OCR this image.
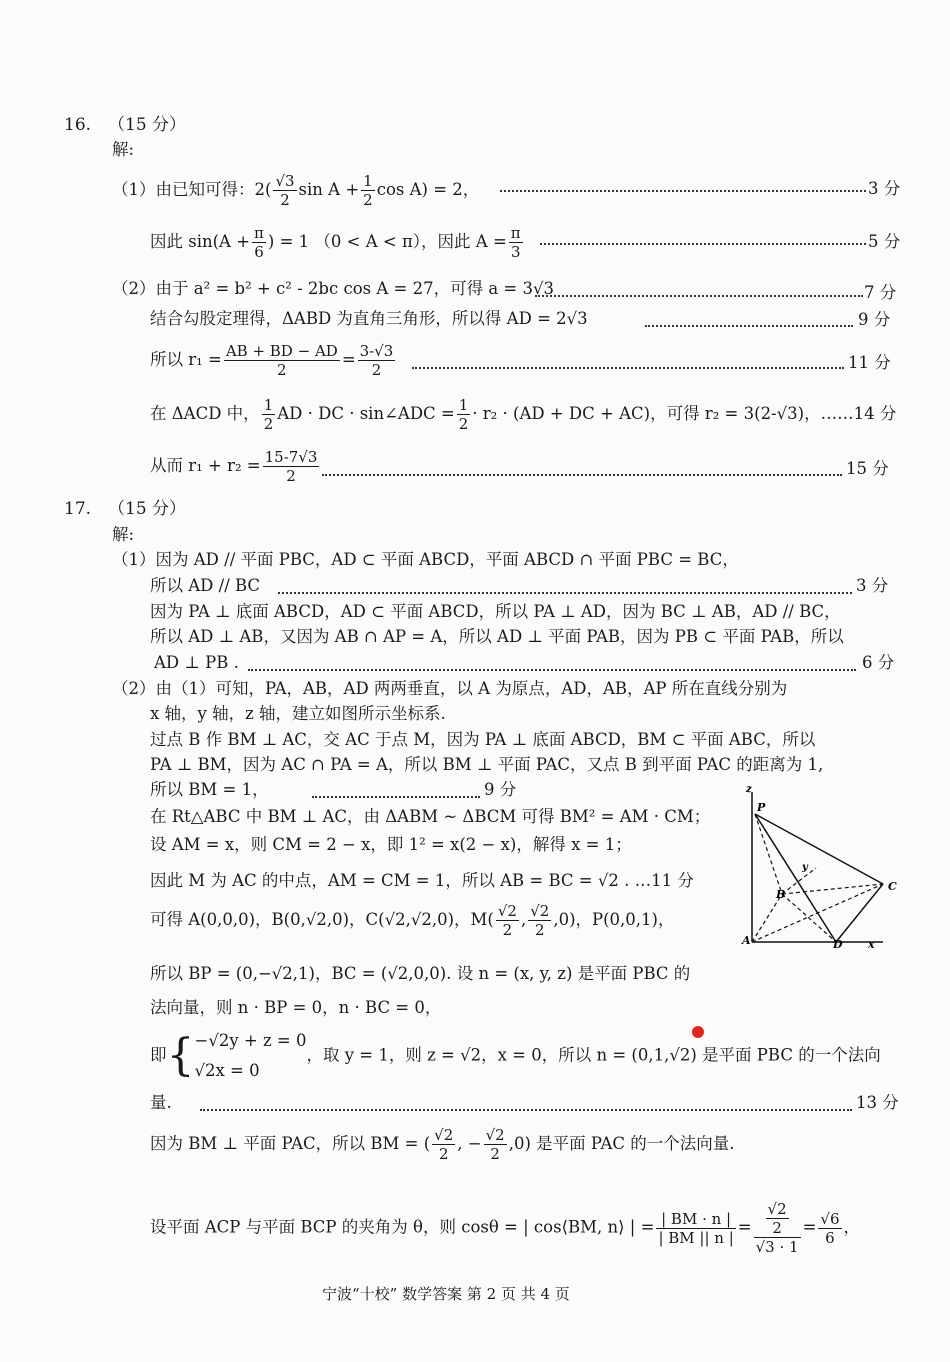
16. （15 分）
解:
（1）由已知可得：$2( \frac{√3}{2}$ $\sin A + \frac{1}{2}$ cos A) = 2，	3 分
因此 $\sin(A + \frac{\pi}{6}$ ) = 1 （0 < A < π），因此 $A = \frac{\pi}{3}$	5 分
（2）由于 a² = b² + c² - 2bc cos A = 27，可得 a = 3√3	7 分
结合勾股定理得，ΔABD 为直角三角形，所以得 AD = 2√3	9 分
所以 $r_1 = \frac{AB + BD - AD}{2} = \frac{3-√3}{2}$	11 分
在 ΔACD 中， $\frac{1}{2}$ AD · DC · sin∠ADC = $\frac{1}{2} \cdot r_2 \cdot (AD$ + DC + AC)，可得 r₂ = 3(2-√3)，……14 分
从而 $r_1 + r_2 = \frac{15-7√3}{2}$	15 分
17. （15 分）
解:
（1）因为 AD // 平面 PBC，AD ⊂ 平面 ABCD，平面 ABCD ∩ 平面 PBC = BC，
所以 AD // BC	3 分
因为 PA ⊥ 底面 ABCD，AD ⊂ 平面 ABCD，所以 PA ⊥ AD，因为 BC ⊥ AB，AD // BC，
所以 AD ⊥ AB，又因为 AB ∩ AP = A，所以 AD ⊥ 平面 PAB，因为 PB ⊂ 平面 PAB，所以
AD ⊥ PB .	6 分
（2）由（1）可知，PA，AB，AD 两两垂直，以 A 为原点，AD，AB，AP 所在直线分别为
x 轴，y 轴，z 轴，建立如图所示坐标系.
过点 B 作 BM ⊥ AC，交 AC 于点 M，因为 PA ⊥ 底面 ABCD，BM ⊂ 平面 ABC，所以
PA ⊥ BM，因为 AC ∩ PA = A，所以 BM ⊥ 平面 PAC，又点 B 到平面 PAC 的距离为 1,
所以 BM = 1，	9 分
在 Rt△ABC 中 BM ⊥ AC，由 ΔABM ~ ΔBCM 可得 BM² = AM · CM；
设 AM = x，则 CM = 2 − x，即 1² = x(2 − x)，解得 x = 1；
因此 M 为 AC 的中点，AM = CM = 1，所以 AB = BC = √2 . …11 分
可得 A(0,0,0)，B(0,√2,0)，C(√2,√2,0)，$M( \frac{√2}{2}$ , $\frac{√2}{2} ,0$)，P(0,0,1)，
所以 BP = (0,−√2,1)，BC = (√2,0,0). 设 n = (x, y, z) 是平面 PBC 的
法向量，则 n · BP = 0，n · BC = 0，
即{ −√2y + z = 0
√2x = 0
，取 y = 1，则 z = √2，x = 0，所以 n = (0,1,√2) 是平面 PBC 的一个法向
量.	13 分
因为 BM ⊥ 平面 PAC，所以 BM = ( $\frac{√2}{2}$ , − $\frac{√2}{2} ,0$) 是平面 PAC 的一个法向量.
设平面 ACP 与平面 BCP 的夹角为 θ，则 cosθ = | cos⟨BM, n⟩ | = $\frac{| BM \cdot n |}{| BM || n |} = \frac{\frac{√2}{2}}{√3 \cdot 1} = \frac{√6}{6}$ ，
z
P
y
B
C
A	D x
宁波“十校” 数学答案 第 2 页 共 4 页
